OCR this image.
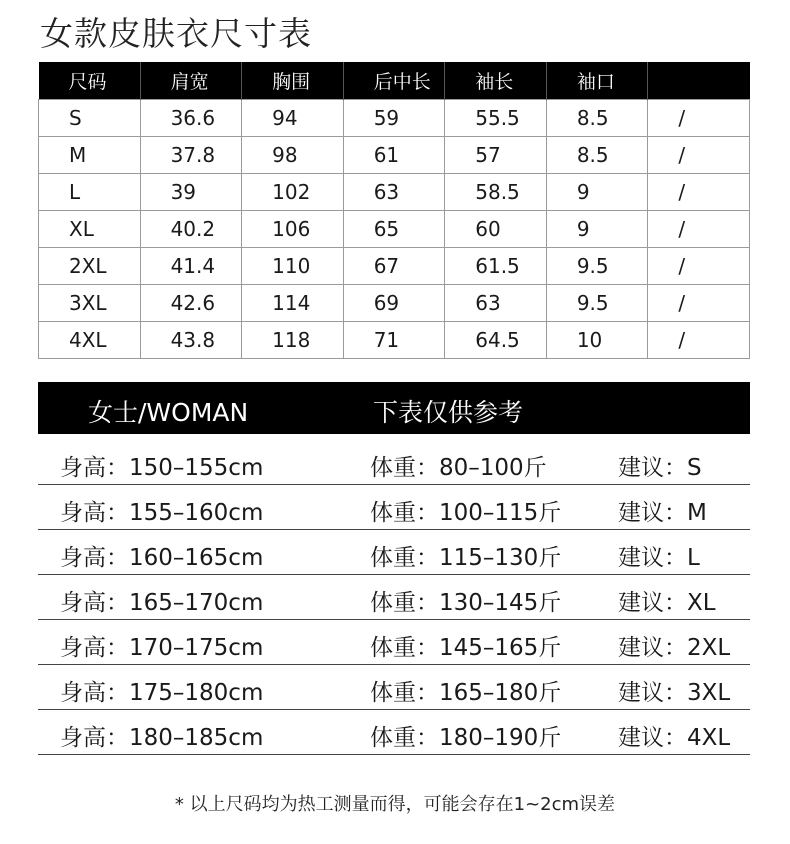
女款皮肤衣尺寸表
尺码	肩宽	胸围	后中长	袖长	袖口	
S	36.6	94	59	55.5	8.5	/
M	37.8	98	61	57	8.5	/
L	39	102	63	58.5	9	/
XL	40.2	106	65	60	9	/
2XL	41.4	110	67	61.5	9.5	/
3XL	42.6	114	69	63	9.5	/
4XL	43.8	118	71	64.5	10	/
女士/WOMAN	下表仅供参考
身高：150–155cm	体重：80–100斤	建议：S
身高：155–160cm	体重：100–115斤 建议：M
身高：160–165cm	体重：115–130斤 建议：L
身高：165–170cm	体重：130–145斤 建议：XL
身高：170–175cm	体重：145–165斤 建议：2XL
身高：175–180cm	体重：165–180斤 建议：3XL
身高：180–185cm	体重：180–190斤 建议：4XL
* 以上尺码均为热工测量而得，可能会存在1~2cm误差
